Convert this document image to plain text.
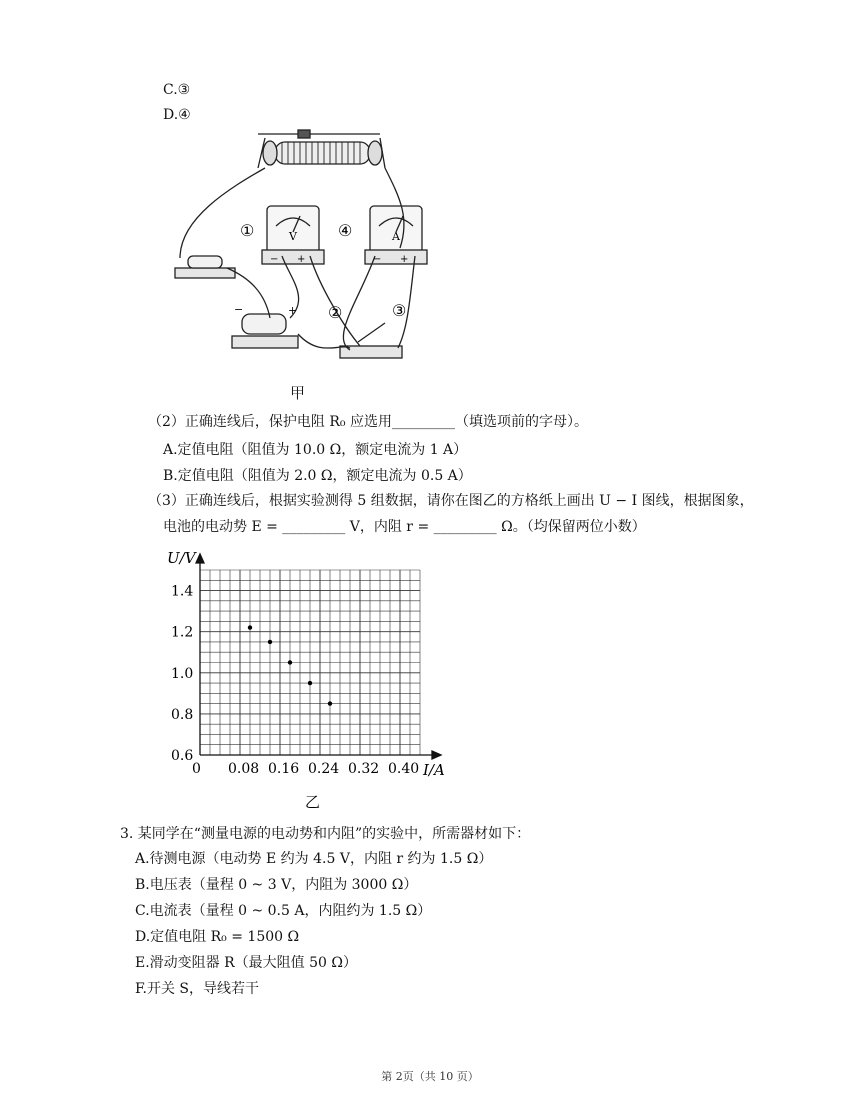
C.③
D.④
①
②	③
④
V	A
− +	− +
−	+
甲
（2）正确连线后，保护电阻 R₀ 应选用_________（填选项前的字母）。
A.定值电阻（阻值为 10.0 Ω，额定电流为 1 A）
B.定值电阻（阻值为 2.0 Ω，额定电流为 0.5 A）
（3）正确连线后，根据实验测得 5 组数据，请你在图乙的方格纸上画出 U − I 图线，根据图象，
电池的电动势 E = _________ V，内阻 r = _________ Ω。（均保留两位小数）
0 0.08 0.16 0.24 0.32 0.40
0.6
0.8
1.0
1.2
1.4
U/V
I/A
乙
3. 某同学在“测量电源的电动势和内阻”的实验中，所需器材如下：
A.待测电源（电动势 E 约为 4.5 V，内阻 r 约为 1.5 Ω）
B.电压表（量程 0 ~ 3 V，内阻为 3000 Ω）
C.电流表（量程 0 ~ 0.5 A，内阻约为 1.5 Ω）
D.定值电阻 R₀ = 1500 Ω
E.滑动变阻器 R（最大阻值 50 Ω）
F.开关 S，导线若干
第 2页（共 10 页）
